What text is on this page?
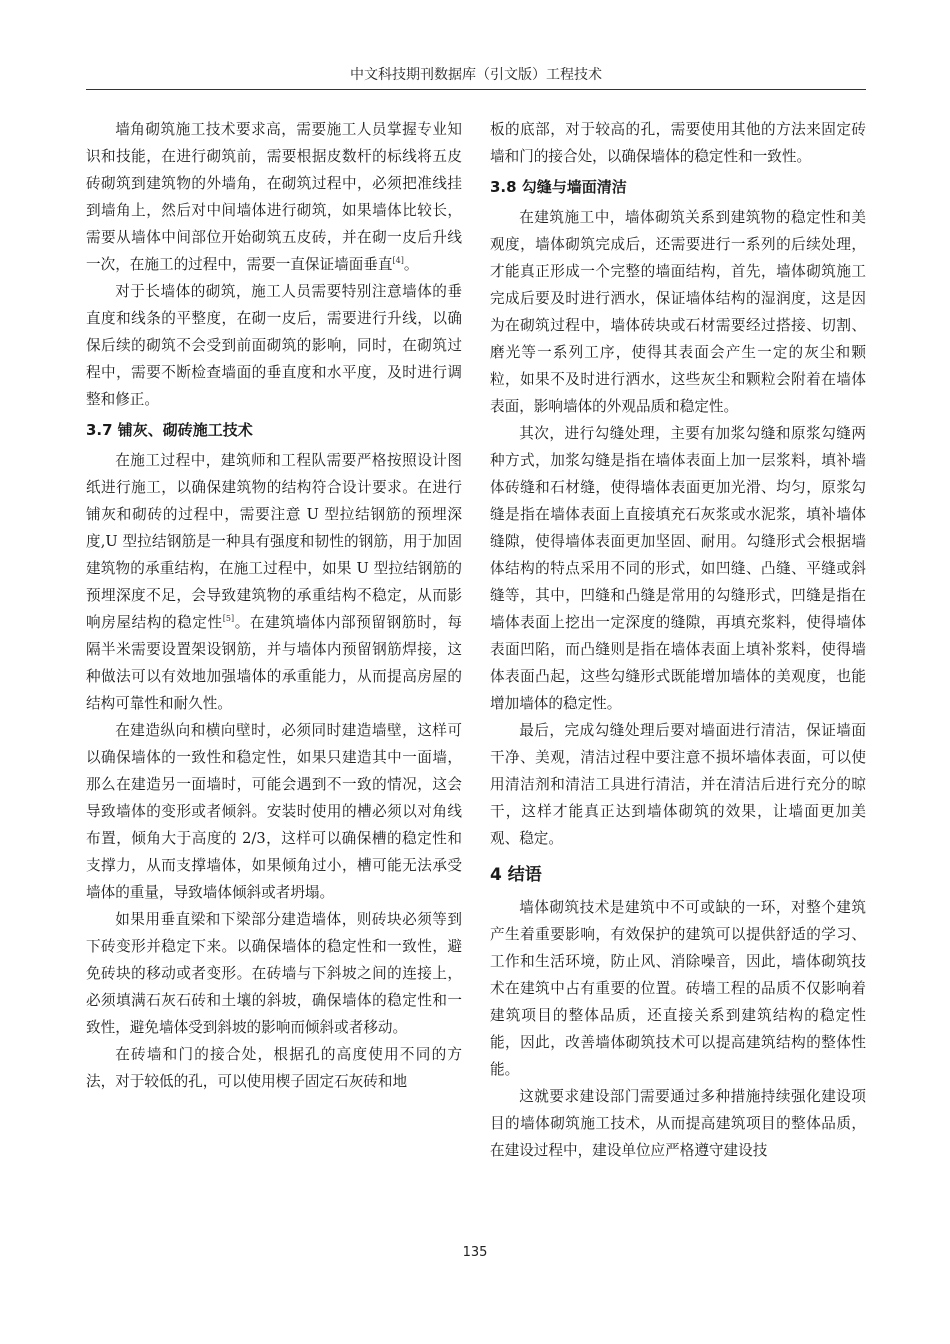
中文科技期刊数据库（引文版）工程技术

墙角砌筑施工技术要求高，需要施工人员掌握专业知识和技能，在进行砌筑前，需要根据皮数杆的标线将五皮砖砌筑到建筑物的外墙角，在砌筑过程中，必须把准线挂到墙角上，然后对中间墙体进行砌筑，如果墙体比较长，需要从墙体中间部位开始砌筑五皮砖，并在砌一皮后升线一次，在施工的过程中，需要一直保证墙面垂直[4]。

对于长墙体的砌筑，施工人员需要特别注意墙体的垂直度和线条的平整度，在砌一皮后，需要进行升线，以确保后续的砌筑不会受到前面砌筑的影响，同时，在砌筑过程中，需要不断检查墙面的垂直度和水平度，及时进行调整和修正。

3.7 铺灰、砌砖施工技术

在施工过程中，建筑师和工程队需要严格按照设计图纸进行施工，以确保建筑物的结构符合设计要求。在进行铺灰和砌砖的过程中，需要注意 U 型拉结钢筋的预埋深度,U 型拉结钢筋是一种具有强度和韧性的钢筋，用于加固建筑物的承重结构，在施工过程中，如果 U 型拉结钢筋的预埋深度不足，会导致建筑物的承重结构不稳定，从而影响房屋结构的稳定性[5]。在建筑墙体内部预留钢筋时，每隔半米需要设置架设钢筋，并与墙体内预留钢筋焊接，这种做法可以有效地加强墙体的承重能力，从而提高房屋的结构可靠性和耐久性。

在建造纵向和横向壁时，必须同时建造墙壁，这样可以确保墙体的一致性和稳定性，如果只建造其中一面墙，那么在建造另一面墙时，可能会遇到不一致的情况，这会导致墙体的变形或者倾斜。安装时使用的槽必须以对角线布置，倾角大于高度的 2/3，这样可以确保槽的稳定性和支撑力，从而支撑墙体，如果倾角过小，槽可能无法承受墙体的重量，导致墙体倾斜或者坍塌。

如果用垂直梁和下梁部分建造墙体，则砖块必须等到下砖变形并稳定下来。以确保墙体的稳定性和一致性，避免砖块的移动或者变形。在砖墙与下斜坡之间的连接上，必须填满石灰石砖和土壤的斜坡，确保墙体的稳定性和一致性，避免墙体受到斜坡的影响而倾斜或者移动。

在砖墙和门的接合处，根据孔的高度使用不同的方法，对于较低的孔，可以使用楔子固定石灰砖和地

板的底部，对于较高的孔，需要使用其他的方法来固定砖墙和门的接合处，以确保墙体的稳定性和一致性。

3.8 勾缝与墙面清洁

在建筑施工中，墙体砌筑关系到建筑物的稳定性和美观度，墙体砌筑完成后，还需要进行一系列的后续处理，才能真正形成一个完整的墙面结构，首先，墙体砌筑施工完成后要及时进行洒水，保证墙体结构的湿润度，这是因为在砌筑过程中，墙体砖块或石材需要经过搭接、切割、磨光等一系列工序，使得其表面会产生一定的灰尘和颗粒，如果不及时进行洒水，这些灰尘和颗粒会附着在墙体表面，影响墙体的外观品质和稳定性。

其次，进行勾缝处理，主要有加浆勾缝和原浆勾缝两种方式，加浆勾缝是指在墙体表面上加一层浆料，填补墙体砖缝和石材缝，使得墙体表面更加光滑、均匀，原浆勾缝是指在墙体表面上直接填充石灰浆或水泥浆，填补墙体缝隙，使得墙体表面更加坚固、耐用。勾缝形式会根据墙体结构的特点采用不同的形式，如凹缝、凸缝、平缝或斜缝等，其中，凹缝和凸缝是常用的勾缝形式，凹缝是指在墙体表面上挖出一定深度的缝隙，再填充浆料，使得墙体表面凹陷，而凸缝则是指在墙体表面上填补浆料，使得墙体表面凸起，这些勾缝形式既能增加墙体的美观度，也能增加墙体的稳定性。

最后，完成勾缝处理后要对墙面进行清洁，保证墙面干净、美观，清洁过程中要注意不损坏墙体表面，可以使用清洁剂和清洁工具进行清洁，并在清洁后进行充分的晾干，这样才能真正达到墙体砌筑的效果，让墙面更加美观、稳定。

4 结语

墙体砌筑技术是建筑中不可或缺的一环，对整个建筑产生着重要影响，有效保护的建筑可以提供舒适的学习、工作和生活环境，防止风、消除噪音，因此，墙体砌筑技术在建筑中占有重要的位置。砖墙工程的品质不仅影响着建筑项目的整体品质，还直接关系到建筑结构的稳定性能，因此，改善墙体砌筑技术可以提高建筑结构的整体性能。

这就要求建设部门需要通过多种措施持续强化建设项目的墙体砌筑施工技术，从而提高建筑项目的整体品质，在建设过程中，建设单位应严格遵守建设技

135
